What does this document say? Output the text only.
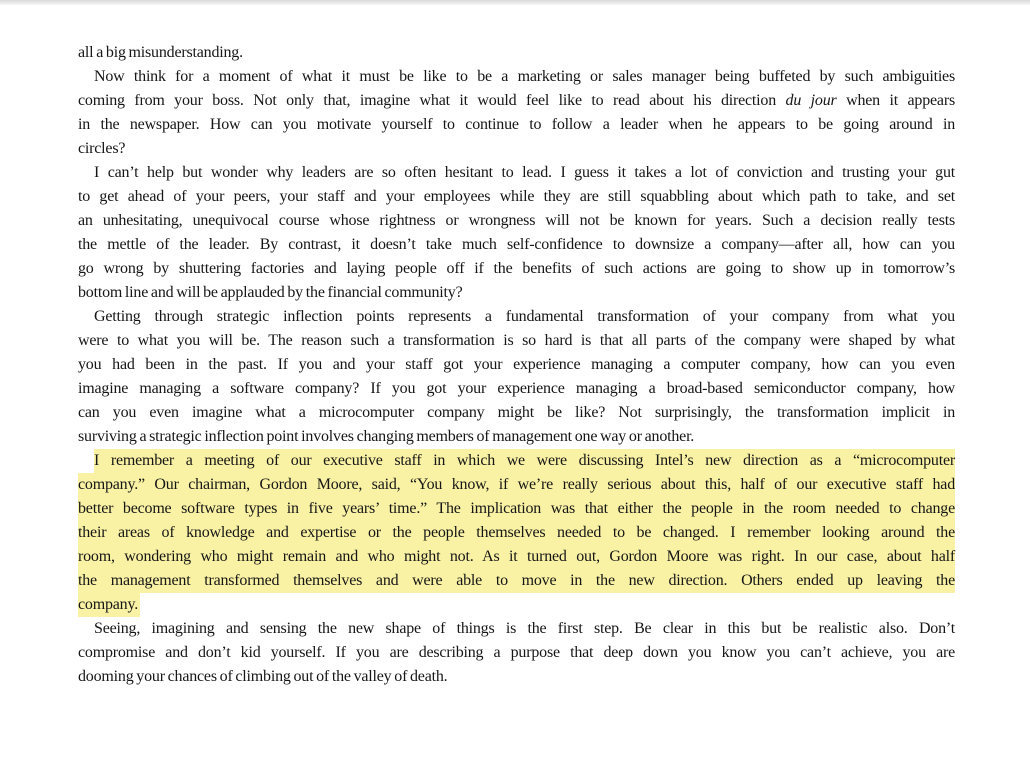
all a big misunderstanding.
Now think for a moment of what it must be like to be a marketing or sales manager being buffeted by such ambiguities
coming from your boss. Not only that, imagine what it would feel like to read about his direction du jour when it appears
in the newspaper. How can you motivate yourself to continue to follow a leader when he appears to be going around in
circles?
I can’t help but wonder why leaders are so often hesitant to lead. I guess it takes a lot of conviction and trusting your gut
to get ahead of your peers, your staff and your employees while they are still squabbling about which path to take, and set
an unhesitating, unequivocal course whose rightness or wrongness will not be known for years. Such a decision really tests
the mettle of the leader. By contrast, it doesn’t take much self-confidence to downsize a company—after all, how can you
go wrong by shuttering factories and laying people off if the benefits of such actions are going to show up in tomorrow’s
bottom line and will be applauded by the financial community?
Getting through strategic inflection points represents a fundamental transformation of your company from what you
were to what you will be. The reason such a transformation is so hard is that all parts of the company were shaped by what
you had been in the past. If you and your staff got your experience managing a computer company, how can you even
imagine managing a software company? If you got your experience managing a broad-based semiconductor company, how
can you even imagine what a microcomputer company might be like? Not surprisingly, the transformation implicit in
surviving a strategic inflection point involves changing members of management one way or another.
I remember a meeting of our executive staff in which we were discussing Intel’s new direction as a “microcomputer
company.” Our chairman, Gordon Moore, said, “You know, if we’re really serious about this, half of our executive staff had
better become software types in five years’ time.” The implication was that either the people in the room needed to change
their areas of knowledge and expertise or the people themselves needed to be changed. I remember looking around the
room, wondering who might remain and who might not. As it turned out, Gordon Moore was right. In our case, about half
the management transformed themselves and were able to move in the new direction. Others ended up leaving the
company.
Seeing, imagining and sensing the new shape of things is the first step. Be clear in this but be realistic also. Don’t
compromise and don’t kid yourself. If you are describing a purpose that deep down you know you can’t achieve, you are
dooming your chances of climbing out of the valley of death.
